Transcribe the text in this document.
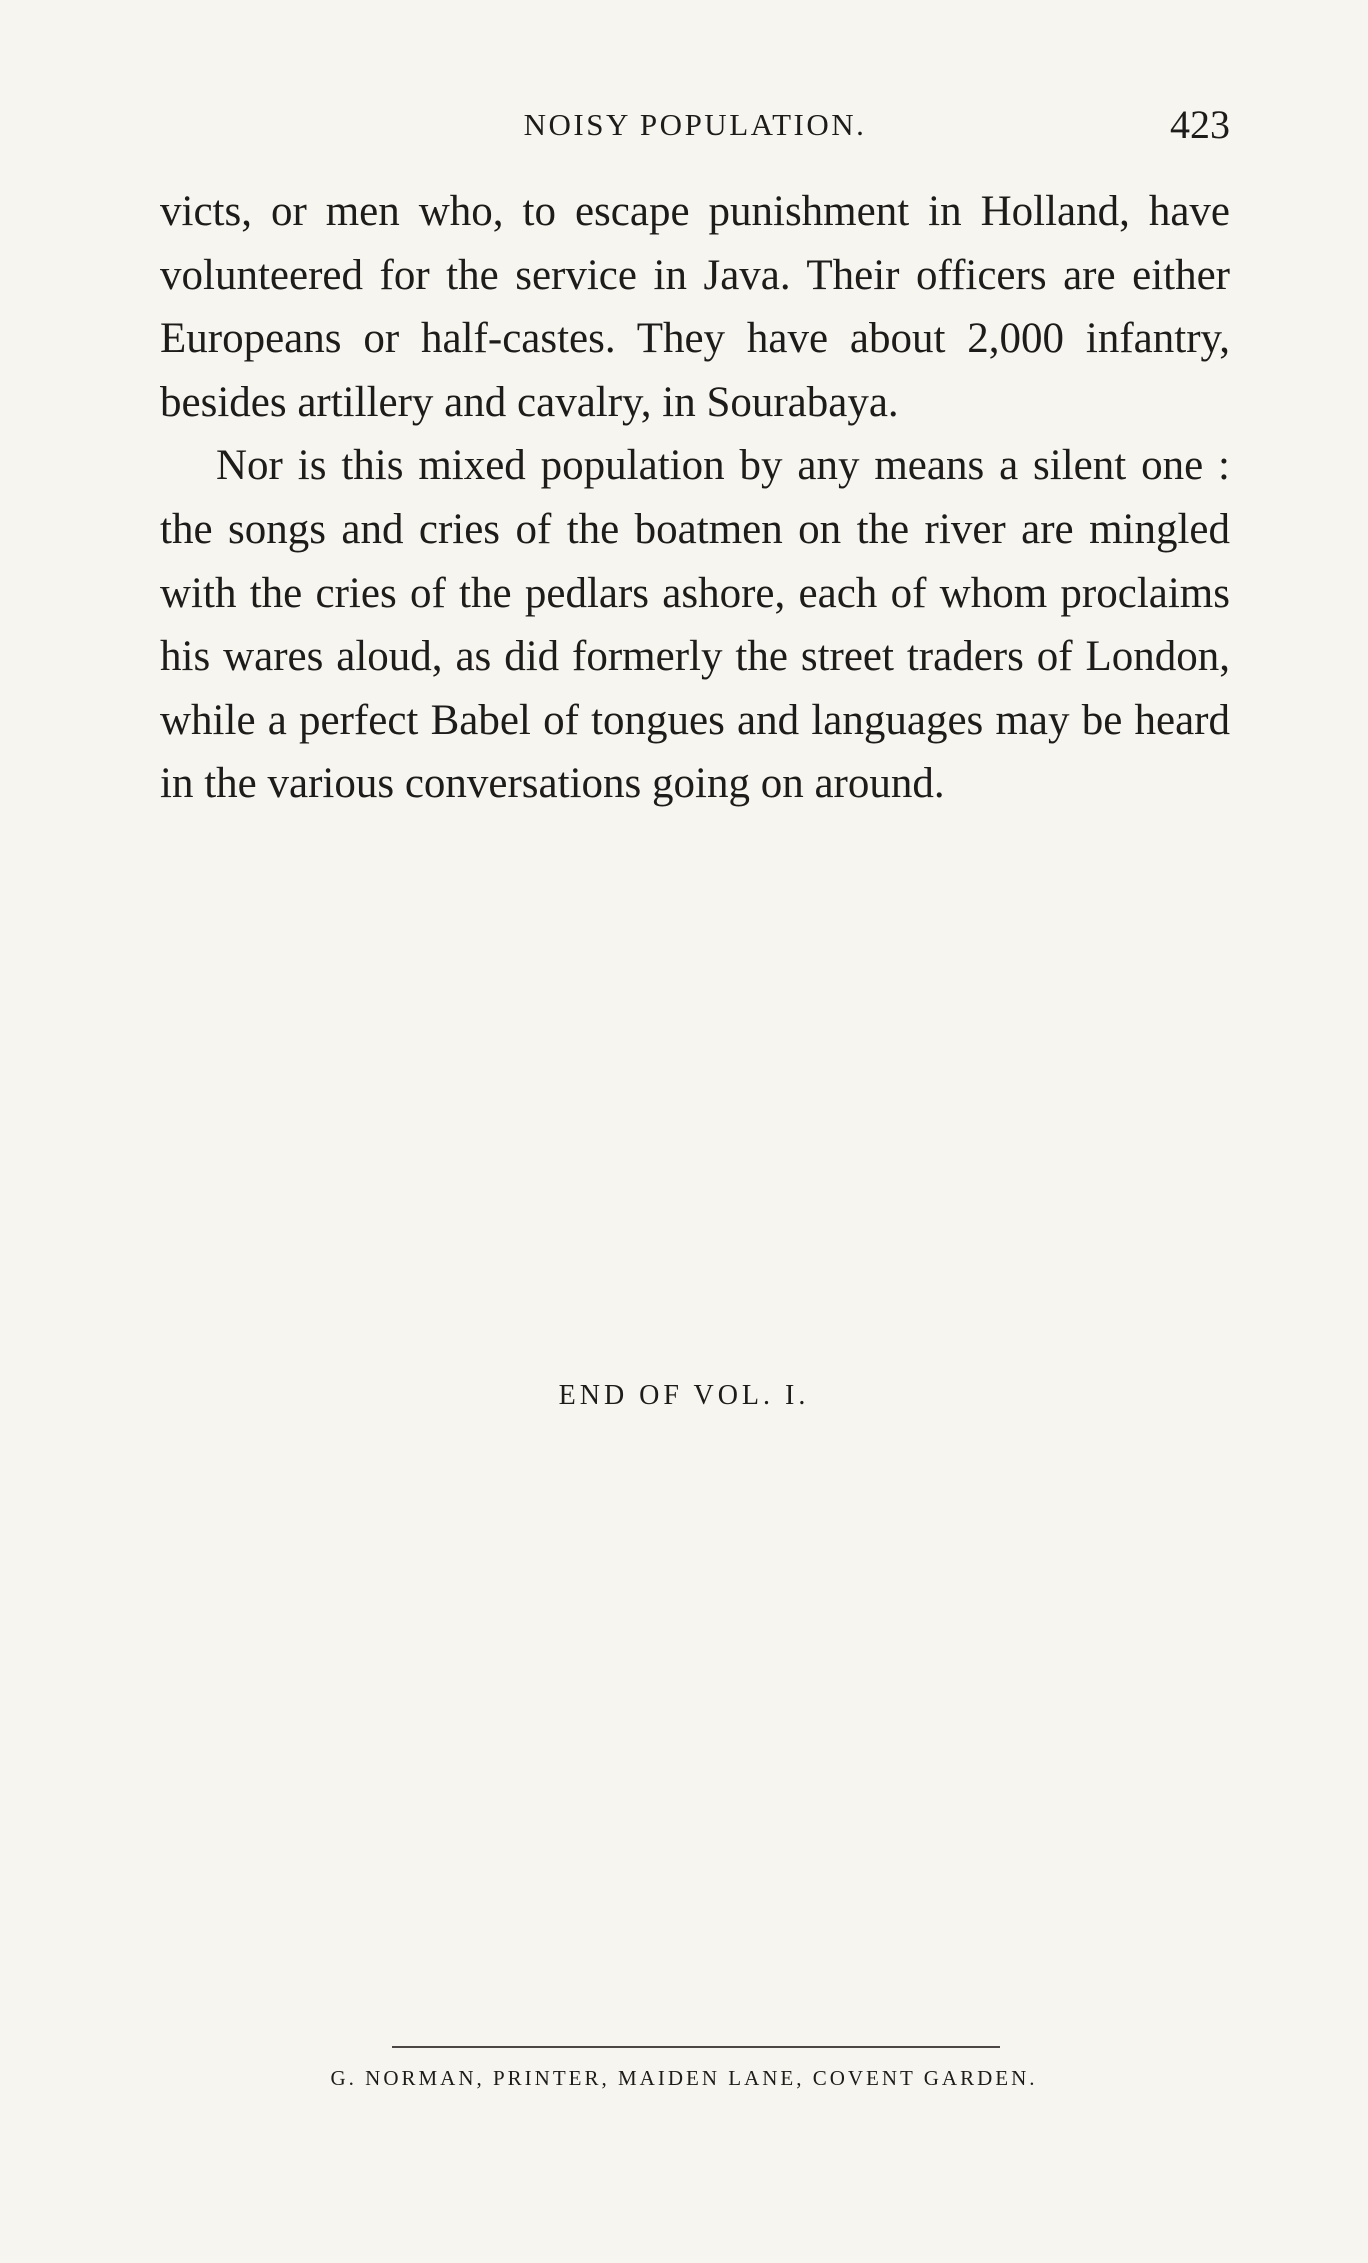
NOISY POPULATION.	423

victs, or men who, to escape punishment in Holland, have volunteered for the service in Java. Their officers are either Europeans or half-castes. They have about 2,000 infantry, besides artillery and cavalry, in Sourabaya.

Nor is this mixed population by any means a silent one : the songs and cries of the boatmen on the river are mingled with the cries of the pedlars ashore, each of whom proclaims his wares aloud, as did formerly the street traders of London, while a perfect Babel of tongues and languages may be heard in the various conversations going on around.

END OF VOL. I.
G. NORMAN, PRINTER, MAIDEN LANE, COVENT GARDEN.
